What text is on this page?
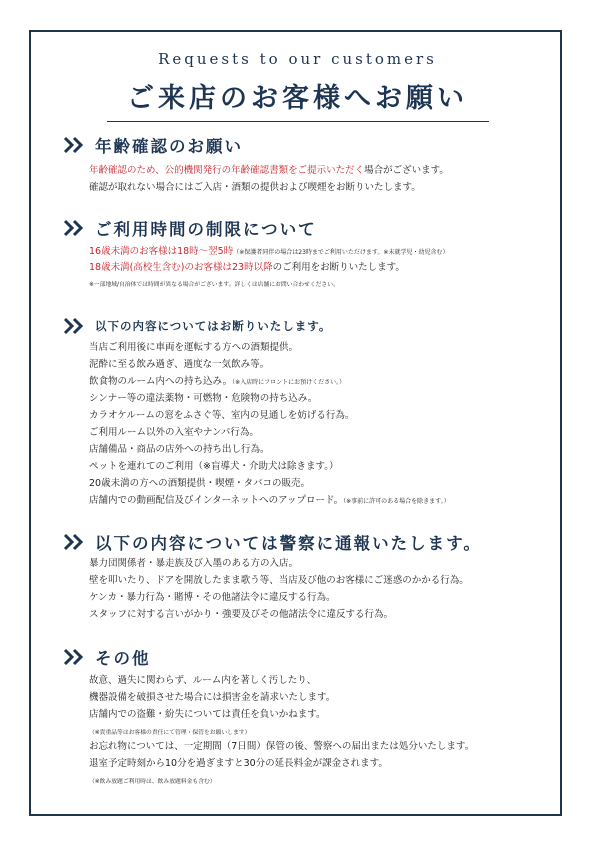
Requests to our customers
ご来店のお客様へお願い
年齢確認のお願い
年齢確認のため、公的機関発行の年齢確認書類をご提示いただく場合がございます。
確認が取れない場合にはご入店・酒類の提供および喫煙をお断りいたします。
ご利用時間の制限について
16歳未満のお客様は18時～翌5時（※保護者同伴の場合は23時までご利用いただけます。※未就学児・幼児含む）
18歳未満(高校生含む)のお客様は23時以降のご利用をお断りいたします。
※一部地域/自治体では時間が異なる場合がございます。詳しくは店舗にお問い合わせください。
以下の内容についてはお断りいたします。
当店ご利用後に車両を運転する方への酒類提供。
泥酔に至る飲み過ぎ、過度な一気飲み等。
飲食物のルーム内への持ち込み。（※入店時にフロントにお預けください。）
シンナー等の違法薬物・可燃物・危険物の持ち込み。
カラオケルームの窓をふさぐ等、室内の見通しを妨げる行為。
ご利用ルーム以外の入室やナンパ行為。
店舗備品・商品の店外への持ち出し行為。
ペットを連れてのご利用（※盲導犬・介助犬は除きます。）
20歳未満の方への酒類提供・喫煙・タバコの販売。
店舗内での動画配信及びインターネットへのアップロード。（※事前に許可のある場合を除きます。）
以下の内容については警察に通報いたします。
暴力団関係者・暴走族及び入墨のある方の入店。
壁を叩いたり、ドアを開放したまま歌う等、当店及び他のお客様にご迷惑のかかる行為。
ケンカ・暴力行為・賭博・その他諸法令に違反する行為。
スタッフに対する言いがかり・強要及びその他諸法令に違反する行為。
その他
故意、過失に関わらず、ルーム内を著しく汚したり、
機器設備を破損させた場合には損害金を請求いたします。
店舗内での盗難・紛失については責任を負いかねます。
（※貴重品等はお客様の責任にて管理・保管をお願いします）
お忘れ物については、一定期間（7日間）保管の後、警察への届出または処分いたします。
退室予定時刻から10分を過ぎますと30分の延長料金が課金されます。
（※飲み放題ご利用時は、飲み放題料金も含む）
